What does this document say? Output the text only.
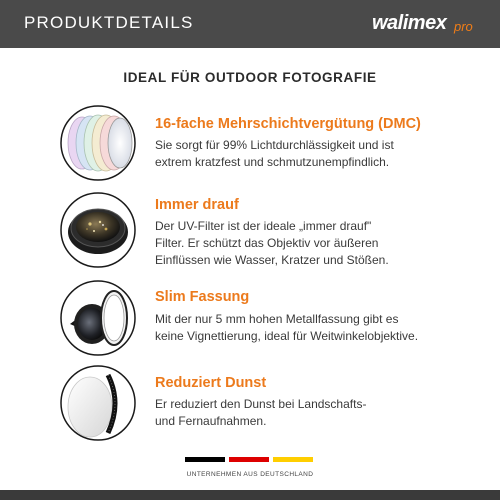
PRODUKTDETAILS	walimex pro
IDEAL FÜR OUTDOOR FOTOGRAFIE
16-fache Mehrschichtvergütung (DMC)
Sie sorgt für 99% Lichtdurchlässigkeit und ist
extrem kratzfest und schmutzunempfindlich.
Immer drauf
Der UV-Filter ist der ideale „immer drauf"
Filter. Er schützt das Objektiv vor äußeren
Einflüssen wie Wasser, Kratzer und Stößen.
Slim Fassung
Mit der nur 5 mm hohen Metallfassung gibt es
keine Vignettierung, ideal für Weitwinkelobjektive.
Reduziert Dunst
Er reduziert den Dunst bei Landschafts-
und Fernaufnahmen.
UNTERNEHMEN AUS DEUTSCHLAND
